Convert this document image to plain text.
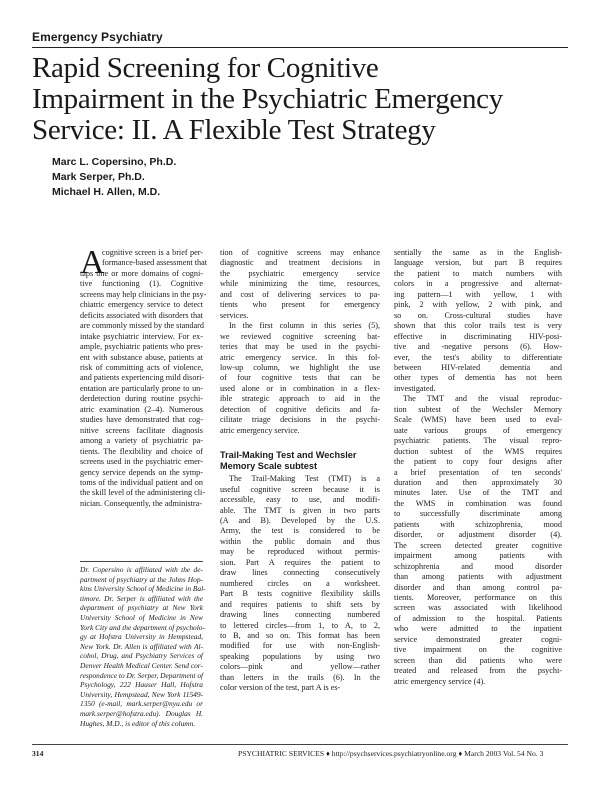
Emergency Psychiatry
Rapid Screening for Cognitive
Impairment in the Psychiatric Emergency
Service: II. A Flexible Test Strategy
Marc L. Copersino, Ph.D.
Mark Serper, Ph.D.
Michael H. Allen, M.D.
A
cognitive screen is a brief per-
formance-based assessment that
taps one or more domains of cogni-
tive functioning (1). Cognitive
screens may help clinicians in the psy-
chiatric emergency service to detect
deficits associated with disorders that
are commonly missed by the standard
intake psychiatric interview. For ex-
ample, psychiatric patients who pres-
ent with substance abuse, patients at
risk of committing acts of violence,
and patients experiencing mild disori-
entation are particularly prone to un-
derdetection during routine psychi-
atric examination (2–4). Numerous
studies have demonstrated that cog-
nitive screens facilitate diagnosis
among a variety of psychiatric pa-
tients. The flexibility and choice of
screens used in the psychiatric emer-
gency service depends on the symp-
toms of the individual patient and on
the skill level of the administering cli-
nician. Consequently, the administra-
Dr. Copersino is affiliated with the de-
partment of psychiatry at the Johns Hop-
kins University School of Medicine in Bal-
timore. Dr. Serper is affiliated with the
department of psychiatry at New York
University School of Medicine in New
York City and the department of psycholo-
gy at Hofstra University in Hempstead,
New York. Dr. Allen is affiliated with Al-
cohol, Drug, and Psychiatry Services of
Denver Health Medical Center. Send cor-
respondence to Dr. Serper, Department of
Psychology, 222 Hauser Hall, Hofstra
University, Hempstead, New York 11549-
1350 (e-mail, mark.serper@nyu.edu or
mark.serper@hofstra.edu). Douglas H.
Hughes, M.D., is editor of this column.
tion of cognitive screens may enhance
diagnostic and treatment decisions in
the psychiatric emergency service
while minimizing the time, resources,
and cost of delivering services to pa-
tients who present for emergency
services.
In the first column in this series (5),
we reviewed cognitive screening bat-
teries that may be used in the psychi-
atric emergency service. In this fol-
low-up column, we highlight the use
of four cognitive tests that can be
used alone or in combination in a flex-
ible strategic approach to aid in the
detection of cognitive deficits and fa-
cilitate triage decisions in the psychi-
atric emergency service.
Trail-Making Test and Wechsler
Memory Scale subtest
The Trail-Making Test (TMT) is a
useful cognitive screen because it is
accessible, easy to use, and modifi-
able. The TMT is given in two parts
(A and B). Developed by the U.S.
Army, the test is considered to be
within the public domain and thus
may be reproduced without permis-
sion. Part A requires the patient to
draw lines connecting consecutively
numbered circles on a worksheet.
Part B tests cognitive flexibility skills
and requires patients to shift sets by
drawing lines connecting numbered
to lettered circles—from 1, to A, to 2,
to B, and so on. This format has been
modified for use with non-English-
speaking populations by using two
colors—pink and yellow—rather
than letters in the trails (6). In the
color version of the test, part A is es-
sentially the same as in the English-
language version, but part B requires
the patient to match numbers with
colors in a progressive and alternat-
ing pattern—1 with yellow, 1 with
pink, 2 with yellow, 2 with pink, and
so on. Cross-cultural studies have
shown that this color trails test is very
effective in discriminating HIV-posi-
tive and -negative persons (6). How-
ever, the test's ability to differentiate
between HIV-related dementia and
other types of dementia has not been
investigated.
The TMT and the visual reproduc-
tion subtest of the Wechsler Memory
Scale (WMS) have been used to eval-
uate various groups of emergency
psychiatric patients. The visual repro-
duction subtest of the WMS requires
the patient to copy four designs after
a brief presentation of ten seconds'
duration and then approximately 30
minutes later. Use of the TMT and
the WMS in combination was found
to successfully discriminate among
patients with schizophrenia, mood
disorder, or adjustment disorder (4).
The screen detected greater cognitive
impairment among patients with
schizophrenia and mood disorder
than among patients with adjustment
disorder and than among control pa-
tients. Moreover, performance on this
screen was associated with likelihood
of admission to the hospital. Patients
who were admitted to the inpatient
service demonstrated greater cogni-
tive impairment on the cognitive
screen than did patients who were
treated and released from the psychi-
atric emergency service (4).
314	PSYCHIATRIC SERVICES ♦ http://psychservices.psychiatryonline.org ♦ March 2003 Vol. 54 No. 3
